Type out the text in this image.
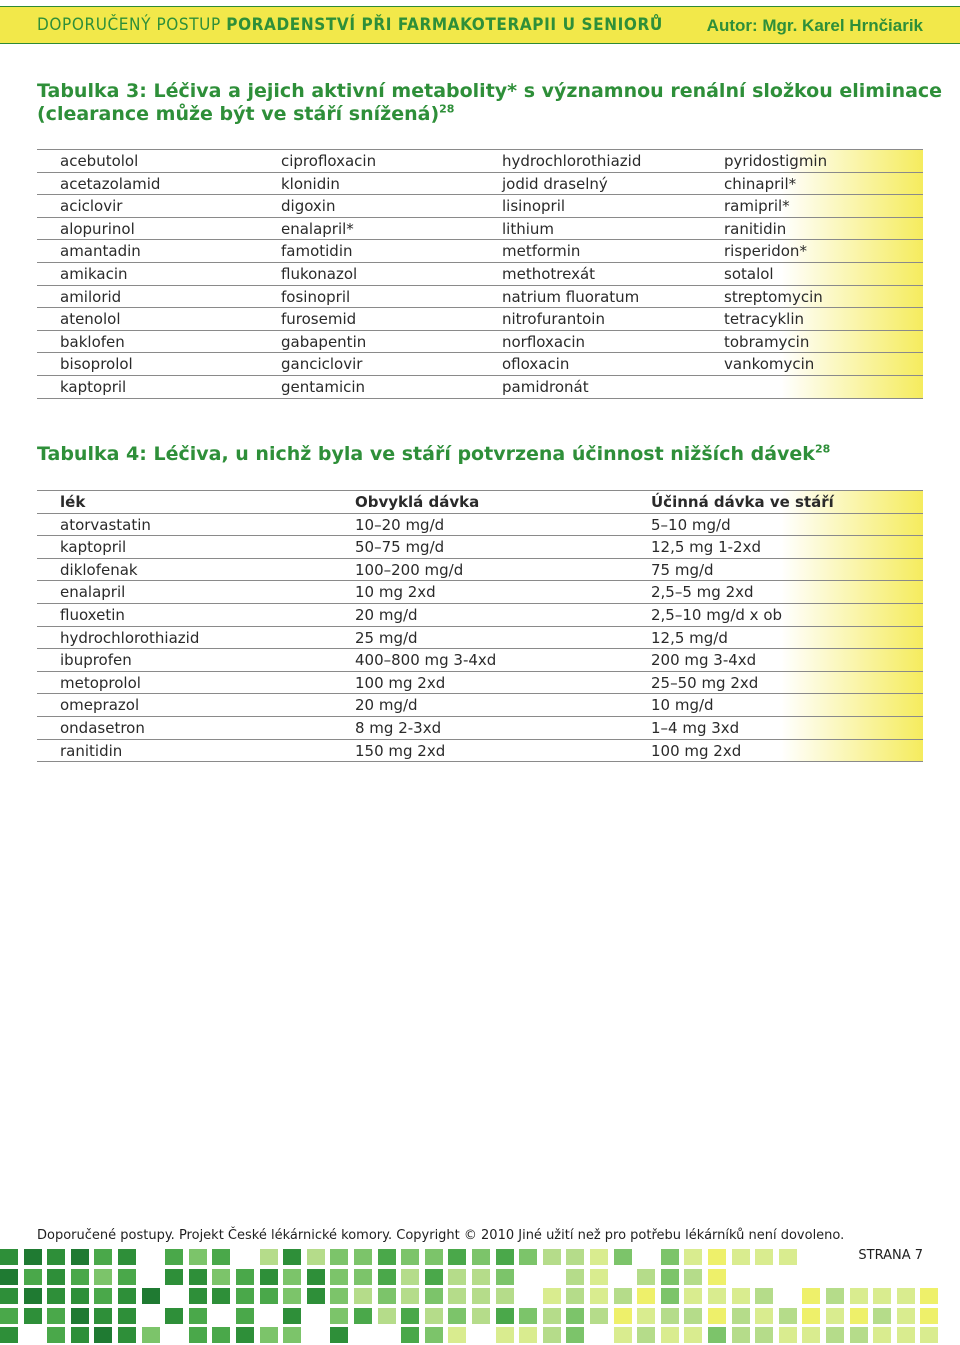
DOPORUČENÝ POSTUP PORADENSTVÍ PŘI FARMAKOTERAPII U SENIORŮ	Autor: Mgr. Karel Hrnčiarik
Tabulka 3: Léčiva a jejich aktivní metabolity* s významnou renální složkou eliminace
(clearance může být ve stáří snížená)$^{28}$
acebutolol	ciprofloxacin	hydrochlorothiazid	pyridostigmin
acetazolamid	klonidin	jodid draselný	chinapril*
aciclovir	digoxin	lisinopril	ramipril*
alopurinol	enalapril*	lithium	ranitidin
amantadin	famotidin	metformin	risperidon*
amikacin	flukonazol	methotrexát	sotalol
amilorid	fosinopril	natrium fluoratum	streptomycin
atenolol	furosemid	nitrofurantoin	tetracyklin
baklofen	gabapentin	norfloxacin	tobramycin
bisoprolol	ganciclovir	ofloxacin	vankomycin
kaptopril	gentamicin	pamidronát
Tabulka 4: Léčiva, u nichž byla ve stáří potvrzena účinnost nižších dávek$^{28}$
lék	Obvyklá dávka	Účinná dávka ve stáří
atorvastatin	10–20 mg/d	5–10 mg/d
kaptopril	50–75 mg/d	12,5 mg 1-2xd
diklofenak	100–200 mg/d	75 mg/d
enalapril	10 mg 2xd	2,5–5 mg 2xd
fluoxetin	20 mg/d	2,5–10 mg/d x ob
hydrochlorothiazid	25 mg/d	12,5 mg/d
ibuprofen	400–800 mg 3-4xd	200 mg 3-4xd
metoprolol	100 mg 2xd	25–50 mg 2xd
omeprazol	20 mg/d	10 mg/d
ondasetron	8 mg 2-3xd	1–4 mg 3xd
ranitidin	150 mg 2xd	100 mg 2xd
Doporučené postupy. Projekt České lékárnické komory. Copyright © 2010 Jiné užití než pro potřebu lékárníků není dovoleno.
STRANA 7
